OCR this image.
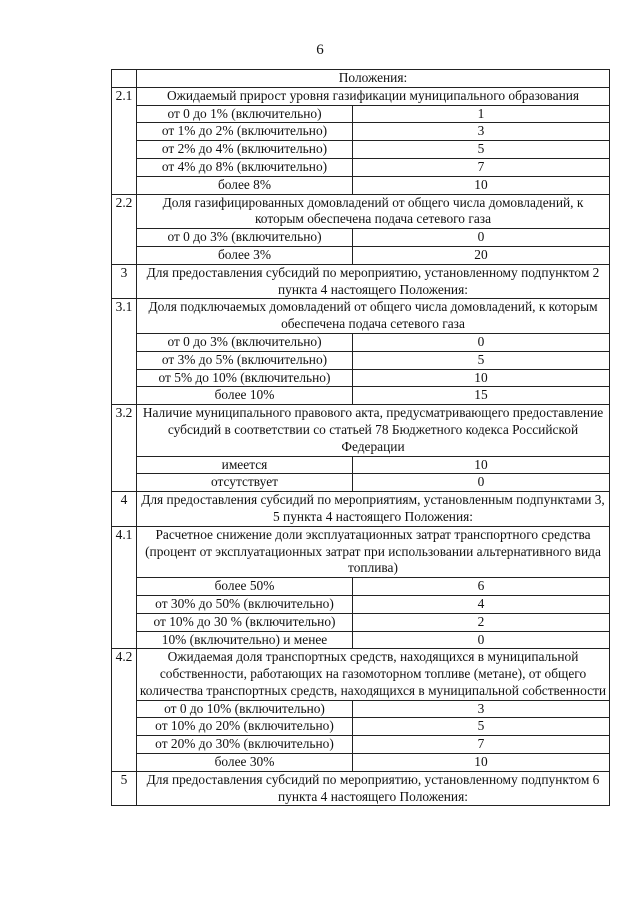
6
	Положения:	
2.1	Ожидаемый прирост уровня газификации муниципального образования	
	от 0 до 1% (включительно)	1
	от 1% до 2% (включительно)	3
	от 2% до 4% (включительно)	5
	от 4% до 8% (включительно)	7
	более 8%	10
2.2	Доля газифицированных домовладений от общего числа домовладений, к которым обеспечена подача сетевого газа	
	от 0 до 3% (включительно)	0
	более 3%	20
3	Для предоставления субсидий по мероприятию, установленному подпунктом 2 пункта 4 настоящего Положения:	
3.1	Доля подключаемых домовладений от общего числа домовладений, к которым обеспечена подача сетевого газа	
	от 0 до 3% (включительно)	0
	от 3% до 5% (включительно)	5
	от 5% до 10% (включительно)	10
	более 10%	15
3.2	Наличие муниципального правового акта, предусматривающего предоставление субсидий в соответствии со статьей 78 Бюджетного кодекса Российской Федерации	
	имеется	10
	отсутствует	0
4	Для предоставления субсидий по мероприятиям, установленным подпунктами 3, 5 пункта 4 настоящего Положения:	
4.1	Расчетное снижение доли эксплуатационных затрат транспортного средства (процент от эксплуатационных затрат при использовании альтернативного вида топлива)	
	более 50%	6
	от 30% до 50% (включительно)	4
	от 10% до 30 % (включительно)	2
	10% (включительно) и менее	0
4.2	Ожидаемая доля транспортных средств, находящихся в муниципальной собственности, работающих на газомоторном топливе (метане), от общего количества транспортных средств, находящихся в муниципальной собственности	
	от 0 до 10% (включительно)	3
	от 10% до 20% (включительно)	5
	от 20% до 30% (включительно)	7
	более 30%	10
5	Для предоставления субсидий по мероприятию, установленному подпунктом 6 пункта 4 настоящего Положения:	
